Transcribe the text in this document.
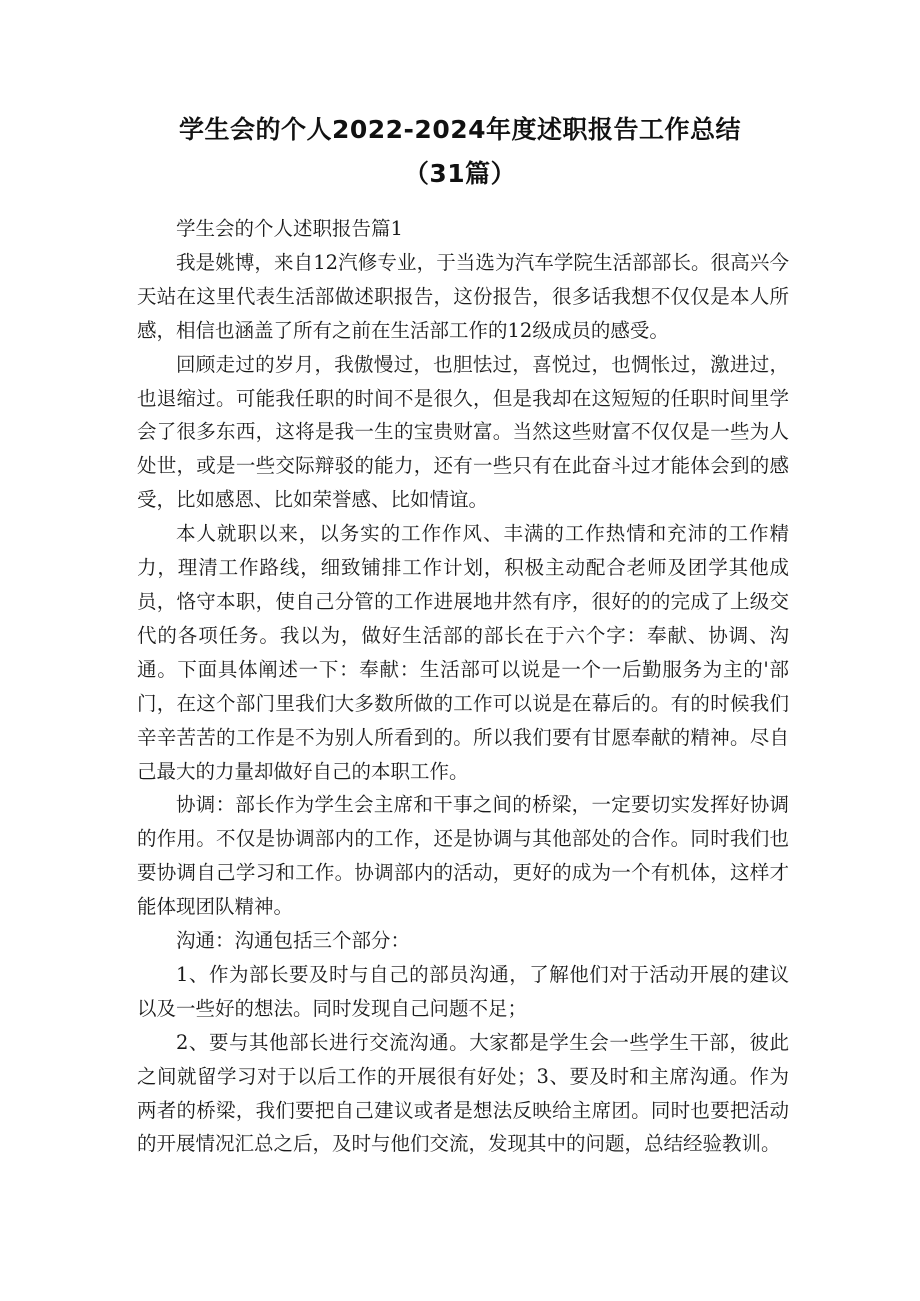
学生会的个人2022-2024年度述职报告工作总结（31篇）

学生会的个人述职报告篇1

我是姚博，来自12汽修专业，于当选为汽车学院生活部部长。很高兴今天站在这里代表生活部做述职报告，这份报告，很多话我想不仅仅是本人所感，相信也涵盖了所有之前在生活部工作的12级成员的感受。

回顾走过的岁月，我傲慢过，也胆怯过，喜悦过，也惆怅过，激进过，也退缩过。可能我任职的时间不是很久，但是我却在这短短的任职时间里学会了很多东西，这将是我一生的宝贵财富。当然这些财富不仅仅是一些为人处世，或是一些交际辩驳的能力，还有一些只有在此奋斗过才能体会到的感受，比如感恩、比如荣誉感、比如情谊。

本人就职以来，以务实的工作作风、丰满的工作热情和充沛的工作精力，理清工作路线，细致铺排工作计划，积极主动配合老师及团学其他成员，恪守本职，使自己分管的工作进展地井然有序，很好的的完成了上级交代的各项任务。我以为，做好生活部的部长在于六个字：奉献、协调、沟通。下面具体阐述一下：奉献：生活部可以说是一个一后勤服务为主的'部门，在这个部门里我们大多数所做的工作可以说是在幕后的。有的时候我们辛辛苦苦的工作是不为别人所看到的。所以我们要有甘愿奉献的精神。尽自己最大的力量却做好自己的本职工作。

协调：部长作为学生会主席和干事之间的桥梁，一定要切实发挥好协调的作用。不仅是协调部内的工作，还是协调与其他部处的合作。同时我们也要协调自己学习和工作。协调部内的活动，更好的成为一个有机体，这样才能体现团队精神。

沟通：沟通包括三个部分：

1、作为部长要及时与自己的部员沟通，了解他们对于活动开展的建议以及一些好的想法。同时发现自己问题不足；

2、要与其他部长进行交流沟通。大家都是学生会一些学生干部，彼此之间就留学习对于以后工作的开展很有好处；3、要及时和主席沟通。作为两者的桥梁，我们要把自己建议或者是想法反映给主席团。同时也要把活动的开展情况汇总之后，及时与他们交流，发现其中的问题，总结经验教训。
